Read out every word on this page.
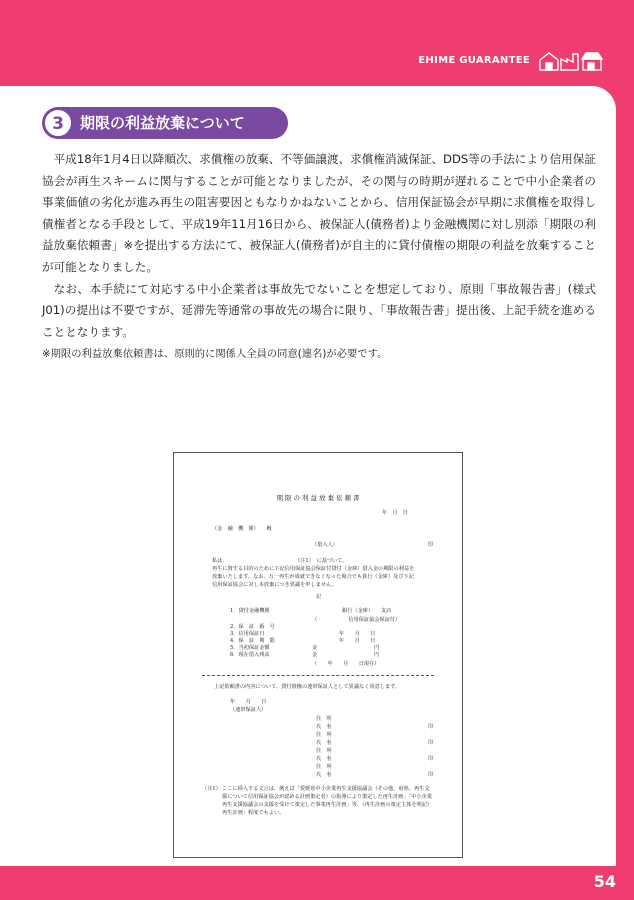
EHIME GUARANTEE
3	期限の利益放棄について

平成18年1月4日以降順次、求償権の放棄、不等価譲渡、求償権消滅保証、DDS等の手法により信用保証協会が再生スキームに関与することが可能となりましたが、その関与の時期が遅れることで中小企業者の事業価値の劣化が進み再生の阻害要因ともなりかねないことから、信用保証協会が早期に求償権を取得し債権者となる手段として、平成19年11月16日から、被保証人(債務者)より金融機関に対し別添「期限の利益放棄依頼書」※を提出する方法にて、被保証人(債務者)が自主的に貸付債権の期限の利益を放棄することが可能となりました。

なお、本手続にて対応する中小企業者は事故先でないことを想定しており、原則「事故報告書」(様式J01)の提出は不要ですが、延滞先等通常の事故先の場合に限り、「事故報告書」提出後、上記手続を進めることとなります。

※期限の利益放棄依頼書は、原則的に関係人全員の同意(連名)が必要です。
期限の利益放棄依頼書
年　月　日
（金　融　機　関）　　殿
（借入人）	印
私は、　　　　　　　　　　　　　　（注1）　に基づいて、
再生に資する目的のために下記信用保証協会保証付貸付（金庫）借入金の期限の利益を
放棄いたします。なお、万一再生が成就できなくなった場合でも貴行（金庫）及び下記
信用保証協会に対し本放棄につき異議を申しません。
記
1．貸付金融機関	銀行（金庫）　　支店
（　　　　　　信用保証協会保証付）
2．保　証　番　号
3．信用保証日	年　　月　　日
4．保　証　期　限	年　　月　　日
5．当初保証金額	金	円
6．現在借入残高	金	円
（　　年　　月　　日現在）
上記依頼書の内容について、貸付債権の連帯保証人として異議なく同意します。
年　　月　　日
（連帯保証人）
住　所
氏　名	印
住　所
氏　名	印
住　所
氏　名	印
住　所
氏　名	印
（注1） ここに挿入する文言は、例えば「愛媛県中小企業再生支援協議会（その他、府県、再生支
援について信用保証協会が認める計画策定者）の指導により策定した再生計画」「中小企業
再生支援協議会の支援を受けて策定した事業再生計画」等、（再生計画の策定主体を明記）
再生計画」程度でもよい。
54
